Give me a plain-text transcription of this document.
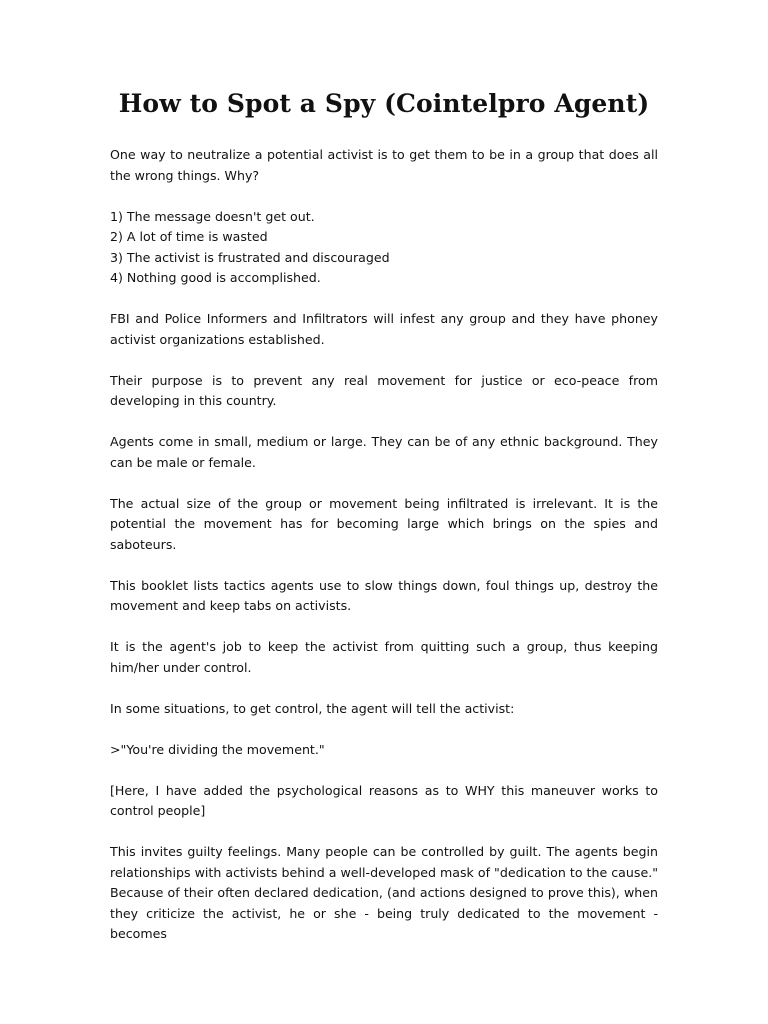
How to Spot a Spy (Cointelpro Agent)

One way to neutralize a potential activist is to get them to be in a group that does all the wrong things. Why?

1) The message doesn't get out.
2) A lot of time is wasted
3) The activist is frustrated and discouraged
4) Nothing good is accomplished.

FBI and Police Informers and Infiltrators will infest any group and they have phoney activist organizations established.

Their purpose is to prevent any real movement for justice or eco-peace from developing in this country.

Agents come in small, medium or large. They can be of any ethnic background. They can be male or female.

The actual size of the group or movement being infiltrated is irrelevant. It is the potential the movement has for becoming large which brings on the spies and saboteurs.

This booklet lists tactics agents use to slow things down, foul things up, destroy the movement and keep tabs on activists.

It is the agent's job to keep the activist from quitting such a group, thus keeping him/her under control.

In some situations, to get control, the agent will tell the activist:

>"You're dividing the movement."

[Here, I have added the psychological reasons as to WHY this maneuver works to control people]

This invites guilty feelings. Many people can be controlled by guilt. The agents begin relationships with activists behind a well-developed mask of "dedication to the cause." Because of their often declared dedication, (and actions designed to prove this), when they criticize the activist, he or she - being truly dedicated to the movement - becomes
